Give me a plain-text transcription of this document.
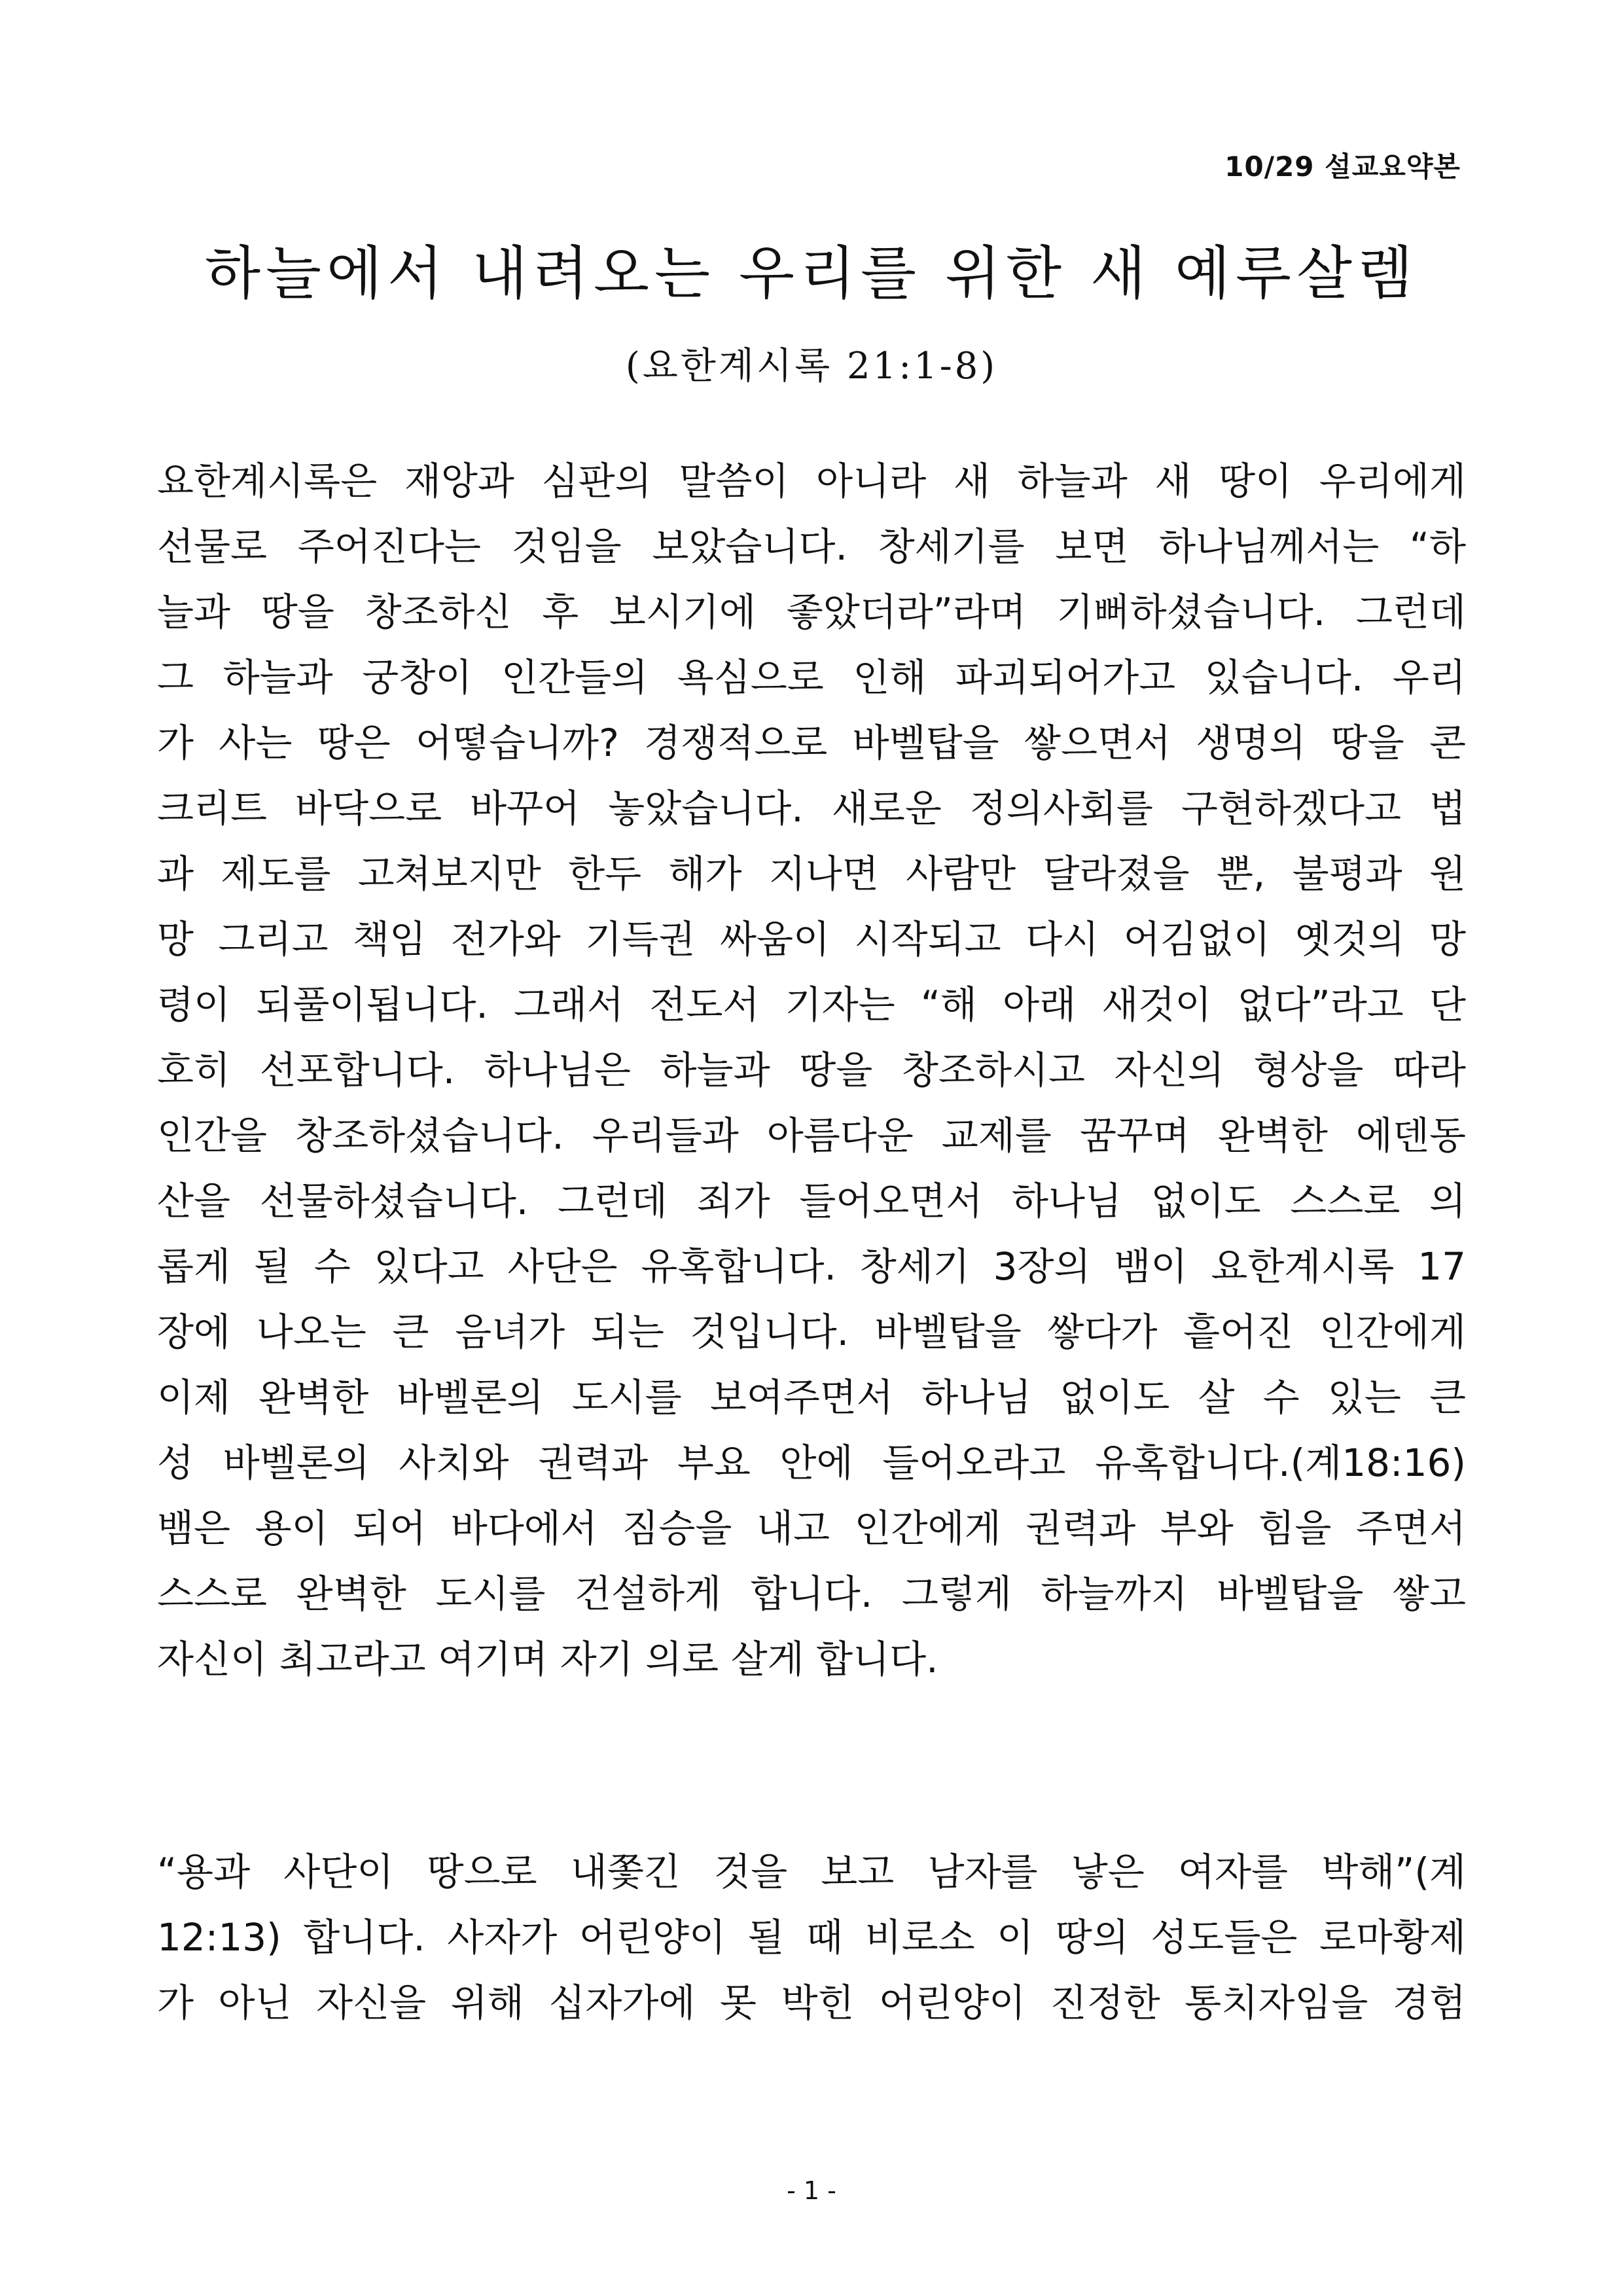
10/29 설교요약본
하늘에서 내려오는 우리를 위한 새 예루살렘
(요한계시록 21:1-8)
요한계시록은 재앙과 심판의 말씀이 아니라 새 하늘과 새 땅이 우리에게
선물로 주어진다는 것임을 보았습니다. 창세기를 보면 하나님께서는 “하
늘과 땅을 창조하신 후 보시기에 좋았더라”라며 기뻐하셨습니다. 그런데
그 하늘과 궁창이 인간들의 욕심으로 인해 파괴되어가고 있습니다. 우리
가 사는 땅은 어떻습니까? 경쟁적으로 바벨탑을 쌓으면서 생명의 땅을 콘
크리트 바닥으로 바꾸어 놓았습니다. 새로운 정의사회를 구현하겠다고 법
과 제도를 고쳐보지만 한두 해가 지나면 사람만 달라졌을 뿐, 불평과 원
망 그리고 책임 전가와 기득권 싸움이 시작되고 다시 어김없이 옛것의 망
령이 되풀이됩니다. 그래서 전도서 기자는 “해 아래 새것이 없다”라고 단
호히 선포합니다. 하나님은 하늘과 땅을 창조하시고 자신의 형상을 따라
인간을 창조하셨습니다. 우리들과 아름다운 교제를 꿈꾸며 완벽한 에덴동
산을 선물하셨습니다. 그런데 죄가 들어오면서 하나님 없이도 스스로 의
롭게 될 수 있다고 사단은 유혹합니다. 창세기 3장의 뱀이 요한계시록 17
장에 나오는 큰 음녀가 되는 것입니다. 바벨탑을 쌓다가 흩어진 인간에게
이제 완벽한 바벨론의 도시를 보여주면서 하나님 없이도 살 수 있는 큰
성 바벨론의 사치와 권력과 부요 안에 들어오라고 유혹합니다.(계18:16)
뱀은 용이 되어 바다에서 짐승을 내고 인간에게 권력과 부와 힘을 주면서
스스로 완벽한 도시를 건설하게 합니다. 그렇게 하늘까지 바벨탑을 쌓고
자신이 최고라고 여기며 자기 의로 살게 합니다.
“용과 사단이 땅으로 내쫓긴 것을 보고 남자를 낳은 여자를 박해”(계
12:13) 합니다. 사자가 어린양이 될 때 비로소 이 땅의 성도들은 로마황제
가 아닌 자신을 위해 십자가에 못 박힌 어린양이 진정한 통치자임을 경험
- 1 -
